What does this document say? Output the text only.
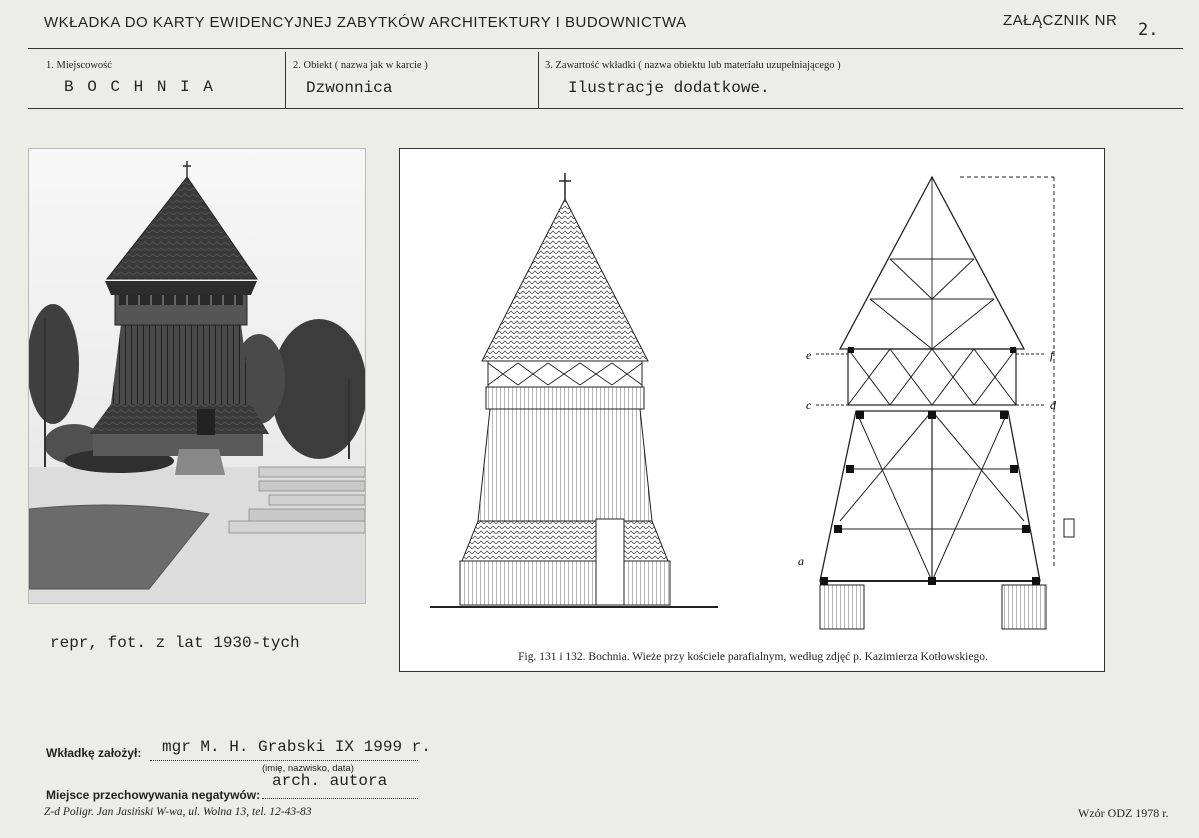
WKŁADKA DO KARTY EWIDENCYJNEJ ZABYTKÓW ARCHITEKTURY I BUDOWNICTWA	ZAŁĄCZNIK NR 2.
1. Miejscowość
B O C H N I A
2. Obiekt ( nazwa jak w karcie )
Dzwonnica
3. Zawartość wkładki ( nazwa obiektu lub materiału uzupełniającego )
Ilustracje dodatkowe.
repr, fot. z lat 1930-tych
e	f
c	d
a
Fig. 131 i 132. Bochnia. Wieże przy kościele parafialnym, według zdjęć p. Kazimierza Kotłowskiego.
Wkładkę założył: mgr M. H. Grabski IX 1999 r.
(imię, nazwisko, data)
Miejsce przechowywania negatywów:
arch. autora
Z-d Poligr. Jan Jasiński W-wa, ul. Wolna 13, tel. 12-43-83	Wzór ODZ 1978 r.
